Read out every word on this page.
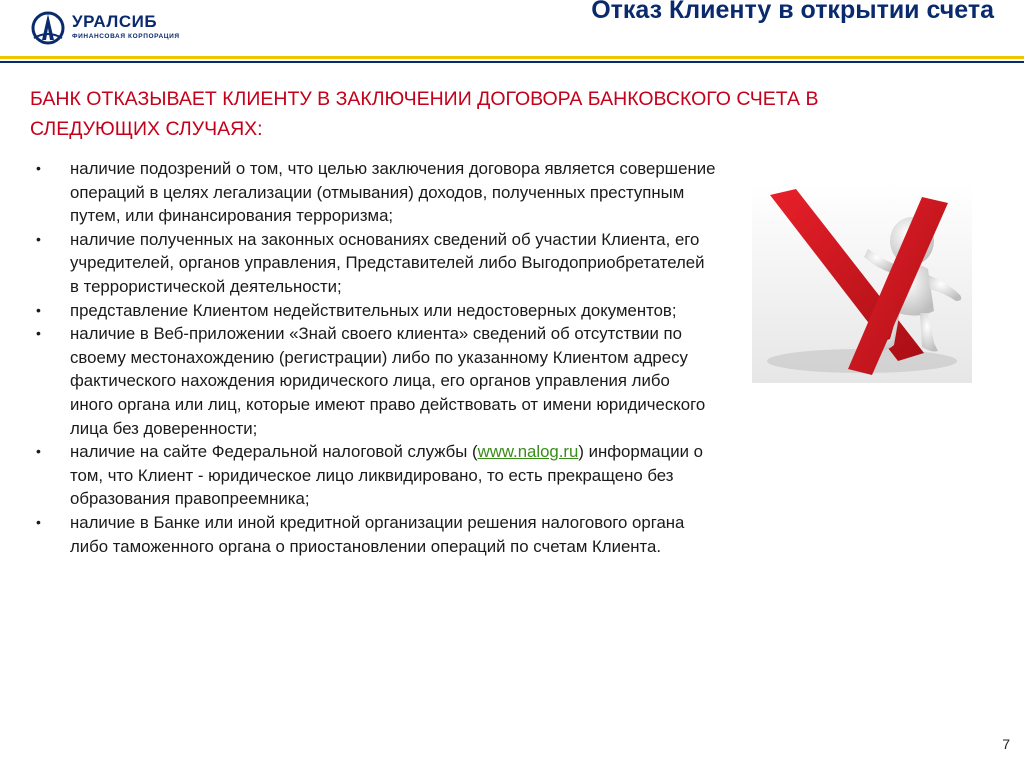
УРАЛСИБ
ФИНАНСОВАЯ КОРПОРАЦИЯ
Отказ Клиенту в открытии счета
БАНК ОТКАЗЫВАЕТ КЛИЕНТУ В ЗАКЛЮЧЕНИИ ДОГОВОРА БАНКОВСКОГО СЧЕТА В СЛЕДУЮЩИХ СЛУЧАЯХ:
• наличие подозрений о том, что целью заключения договора является совершение операций в целях легализации (отмывания) доходов, полученных преступным путем, или финансирования терроризма;
• наличие полученных на законных основаниях сведений об участии Клиента, его учредителей, органов управления, Представителей либо Выгодоприобретателей в террористической деятельности;
• представление Клиентом недействительных или недостоверных документов;
• наличие в Веб-приложении «Знай своего клиента» сведений об отсутствии по своему местонахождению (регистрации) либо по указанному Клиентом адресу фактического нахождения юридического лица, его органов управления либо иного органа или лиц, которые имеют право действовать от имени юридического лица без доверенности;
• наличие на сайте Федеральной налоговой службы (www.nalog.ru) информации о том, что Клиент - юридическое лицо ликвидировано, то есть прекращено без образования правопреемника;
• наличие в Банке или иной кредитной организации решения налогового органа либо таможенного органа о приостановлении операций по счетам Клиента.
7
